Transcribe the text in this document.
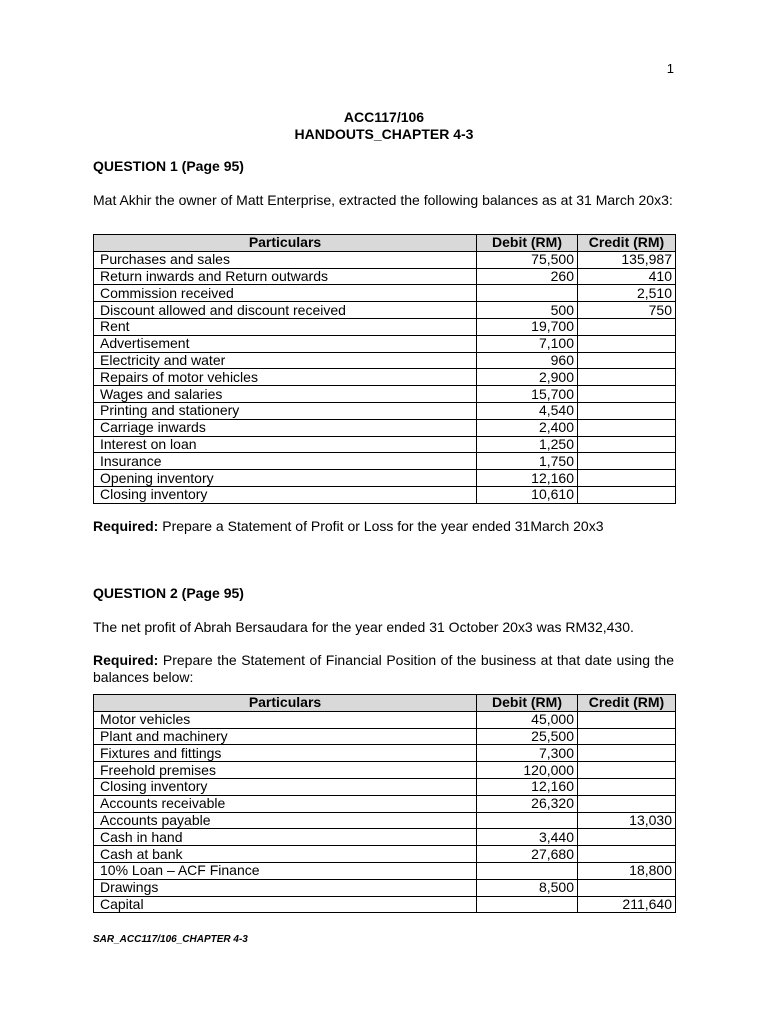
1
ACC117/106
HANDOUTS_CHAPTER 4-3
QUESTION 1 (Page 95)
Mat Akhir the owner of Matt Enterprise, extracted the following balances as at 31 March 20x3:
Particulars	Debit (RM)	Credit (RM)
Purchases and sales	75,500	135,987
Return inwards and Return outwards	260	410
Commission received		2,510
Discount allowed and discount received	500	750
Rent	19,700	
Advertisement	7,100	
Electricity and water	960	
Repairs of motor vehicles	2,900	
Wages and salaries	15,700	
Printing and stationery	4,540	
Carriage inwards	2,400	
Interest on loan	1,250	
Insurance	1,750	
Opening inventory	12,160	
Closing inventory	10,610	
Required: Prepare a Statement of Profit or Loss for the year ended 31March 20x3
QUESTION 2 (Page 95)
The net profit of Abrah Bersaudara for the year ended 31 October 20x3 was RM32,430.
Required: Prepare the Statement of Financial Position of the business at that date using the balances below:
Particulars	Debit (RM)	Credit (RM)
Motor vehicles	45,000	
Plant and machinery	25,500	
Fixtures and fittings	7,300	
Freehold premises	120,000	
Closing inventory	12,160	
Accounts receivable	26,320	
Accounts payable		13,030
Cash in hand	3,440	
Cash at bank	27,680	
10% Loan – ACF Finance		18,800
Drawings	8,500	
Capital		211,640
SAR_ACC117/106_CHAPTER 4-3
